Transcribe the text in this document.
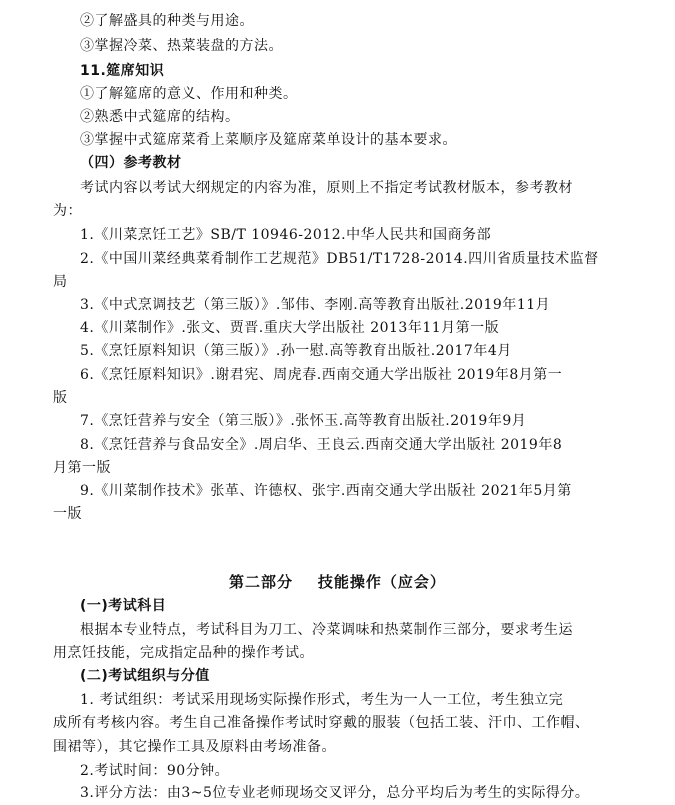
②了解盛具的种类与用途。
③掌握冷菜、热菜装盘的方法。
11.筵席知识
①了解筵席的意义、作用和种类。
②熟悉中式筵席的结构。
③掌握中式筵席菜肴上菜顺序及筵席菜单设计的基本要求。
（四）参考教材
考试内容以考试大纲规定的内容为准，原则上不指定考试教材版本，参考教材
为：
1.《川菜烹饪工艺》SB/T 10946-2012.中华人民共和国商务部
2.《中国川菜经典菜肴制作工艺规范》DB51/T1728-2014.四川省质量技术监督
局
3.《中式烹调技艺（第三版）》.邹伟、李刚.高等教育出版社.2019年11月
4.《川菜制作》.张文、贾晋.重庆大学出版社 2013年11月第一版
5.《烹饪原料知识（第三版）》.孙一慰.高等教育出版社.2017年4月
6.《烹饪原料知识》.谢君宪、周虎春.西南交通大学出版社 2019年8月第一
版
7.《烹饪营养与安全（第三版）》.张怀玉.高等教育出版社.2019年9月
8.《烹饪营养与食品安全》.周启华、王良云.西南交通大学出版社 2019年8
月第一版
9.《川菜制作技术》张革、许德权、张宇.西南交通大学出版社 2021年5月第
一版
第二部分    技能操作（应会）
(一)考试科目
根据本专业特点，考试科目为刀工、冷菜调味和热菜制作三部分，要求考生运
用烹饪技能，完成指定品种的操作考试。
(二)考试组织与分值
1. 考试组织：考试采用现场实际操作形式，考生为一人一工位，考生独立完
成所有考核内容。考生自己准备操作考试时穿戴的服装（包括工装、汗巾、工作帽、
围裙等），其它操作工具及原料由考场准备。
2.考试时间：90分钟。
3.评分方法：由3~5位专业老师现场交叉评分，总分平均后为考生的实际得分。
